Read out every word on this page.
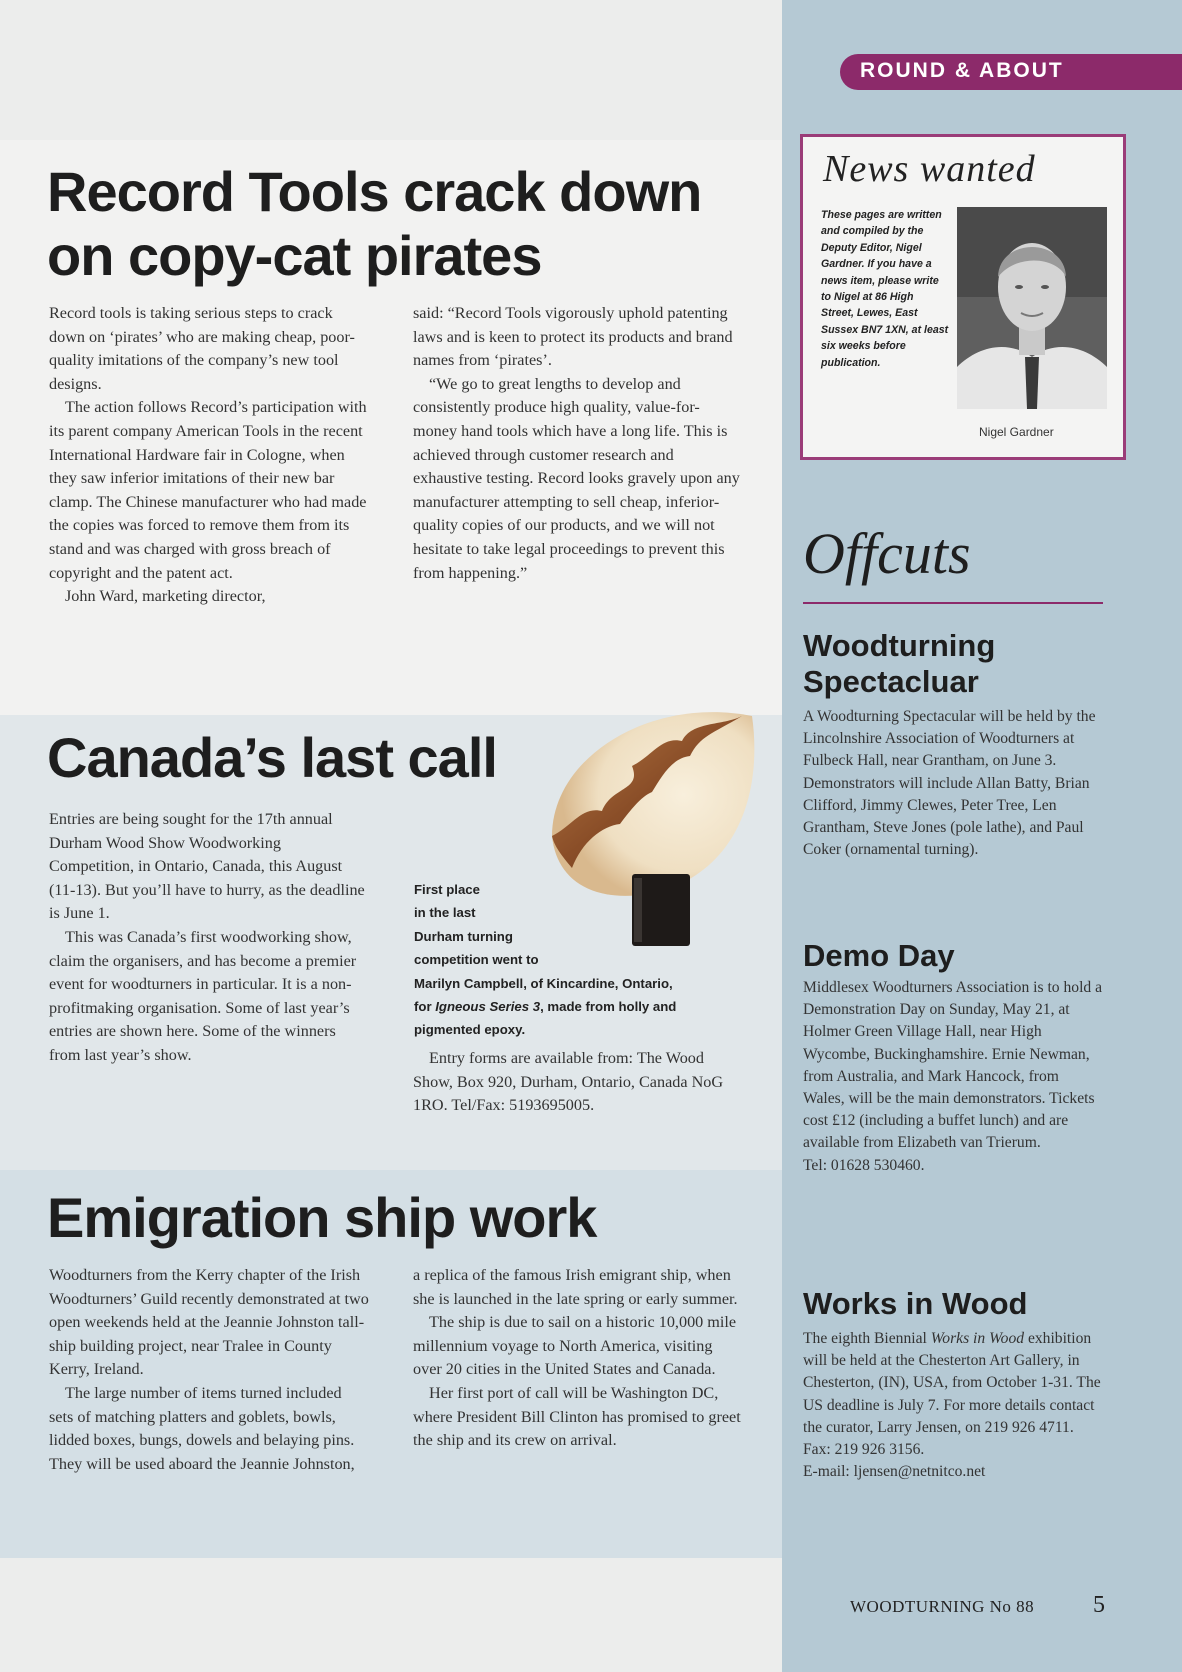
ROUND & ABOUT
Record Tools crack down
on copy-cat pirates

Record tools is taking serious steps to crack down on ‘pirates’ who are making cheap, poor-quality imitations of the company’s new tool designs.

The action follows Record’s participation with its parent company American Tools in the recent International Hardware fair in Cologne, when they saw inferior imitations of their new bar clamp. The Chinese manufacturer who had made the copies was forced to remove them from its stand and was charged with gross breach of copyright and the patent act.

John Ward, marketing director,

said: “Record Tools vigorously uphold patenting laws and is keen to protect its products and brand names from ‘pirates’.

“We go to great lengths to develop and consistently produce high quality, value-for-money hand tools which have a long life. This is achieved through customer research and exhaustive testing. Record looks gravely upon any manufacturer attempting to sell cheap, inferior-quality copies of our products, and we will not hesitate to take legal proceedings to prevent this from happening.”

Canada’s last call

Entries are being sought for the 17th annual Durham Wood Show Woodworking Competition, in Ontario, Canada, this August (11-13). But you’ll have to hurry, as the deadline is June 1.

This was Canada’s first woodworking show, claim the organisers, and has become a premier event for woodturners in particular. It is a non-profitmaking organisation. Some of last year’s entries are shown here. Some of the winners from last year’s show.

First place
in the last
Durham turning
competition went to
Marilyn Campbell, of Kincardine, Ontario,
for Igneous Series 3, made from holly and
pigmented epoxy.

Entry forms are available from: The Wood Show, Box 920, Durham, Ontario, Canada NoG 1RO. Tel/Fax: 5193695005.

Emigration ship work

Woodturners from the Kerry chapter of the Irish Woodturners’ Guild recently demonstrated at two open weekends held at the Jeannie Johnston tall-ship building project, near Tralee in County Kerry, Ireland.

The large number of items turned included sets of matching platters and goblets, bowls, lidded boxes, bungs, dowels and belaying pins. They will be used aboard the Jeannie Johnston,

a replica of the famous Irish emigrant ship, when she is launched in the late spring or early summer.

The ship is due to sail on a historic 10,000 mile millennium voyage to North America, visiting over 20 cities in the United States and Canada.

Her first port of call will be Washington DC, where President Bill Clinton has promised to greet the ship and its crew on arrival.

News wanted
These pages are written and compiled by the Deputy Editor, Nigel Gardner. If you have a news item, please write to Nigel at 86 High Street, Lewes, East Sussex BN7 1XN, at least six weeks before publication.
Nigel Gardner
Offcuts
Woodturning
Spectacluar
A Woodturning Spectacular will be held by the Lincolnshire Association of Woodturners at Fulbeck Hall, near Grantham, on June 3. Demonstrators will include Allan Batty, Brian Clifford, Jimmy Clewes, Peter Tree, Len Grantham, Steve Jones (pole lathe), and Paul Coker (ornamental turning).
Demo Day
Middlesex Woodturners Association is to hold a Demonstration Day on Sunday, May 21, at Holmer Green Village Hall, near High Wycombe, Buckinghamshire. Ernie Newman, from Australia, and Mark Hancock, from Wales, will be the main demonstrators. Tickets cost £12 (including a buffet lunch) and are available from Elizabeth van Trierum.
Tel: 01628 530460.
Works in Wood
The eighth Biennial Works in Wood exhibition will be held at the Chesterton Art Gallery, in Chesterton, (IN), USA, from October 1-31. The US deadline is July 7. For more details contact the curator, Larry Jensen, on 219 926 4711. Fax: 219 926 3156.
E-mail: ljensen@netnitco.net
WOODTURNING No 88 5
